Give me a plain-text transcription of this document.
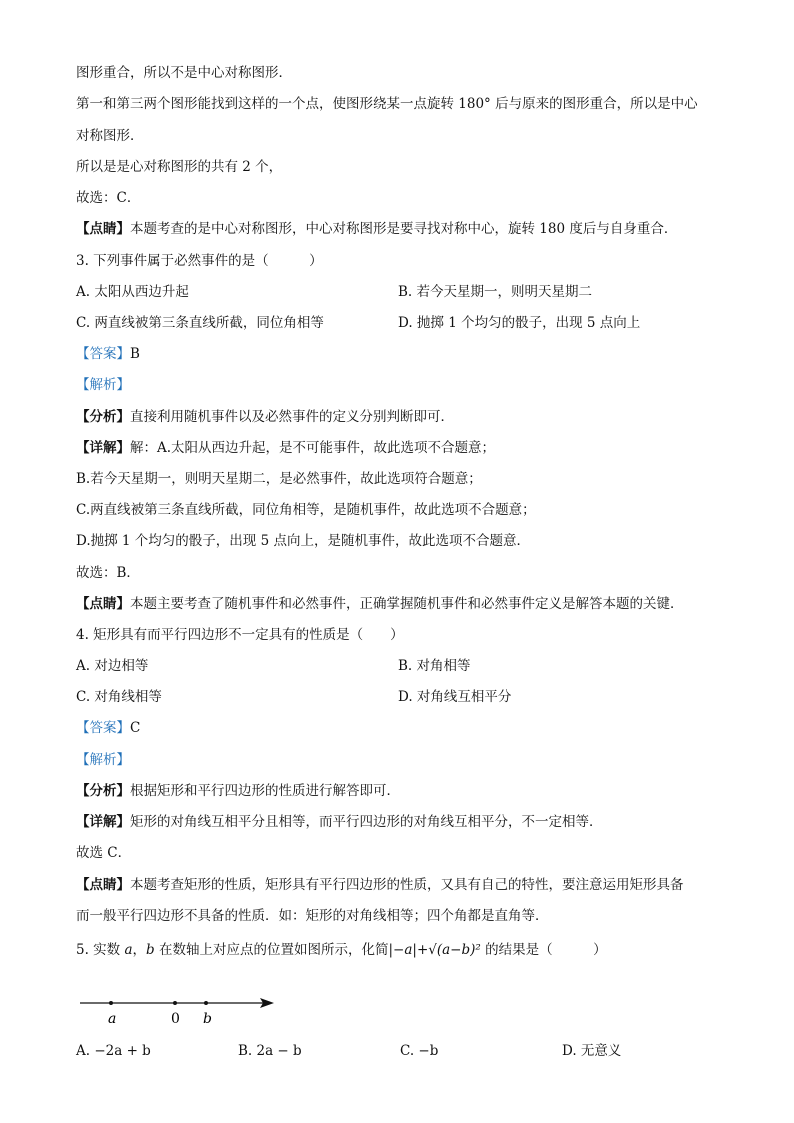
图形重合，所以不是中心对称图形．
第一和第三两个图形能找到这样的一个点，使图形绕某一点旋转 180° 后与原来的图形重合，所以是中心
对称图形．
所以是是心对称图形的共有 2 个，
故选：C．
【点睛】本题考查的是中心对称图形，中心对称图形是要寻找对称中心，旋转 180 度后与自身重合．
3. 下列事件属于必然事件的是（　　　）
A. 太阳从西边升起	B. 若今天星期一，则明天星期二
C. 两直线被第三条直线所截，同位角相等	D. 抛掷 1 个均匀的骰子，出现 5 点向上
【答案】B
【解析】
【分析】直接利用随机事件以及必然事件的定义分别判断即可．
【详解】解：A.太阳从西边升起，是不可能事件，故此选项不合题意；
B.若今天星期一，则明天星期二，是必然事件，故此选项符合题意；
C.两直线被第三条直线所截，同位角相等，是随机事件，故此选项不合题意；
D.抛掷 1 个均匀的骰子，出现 5 点向上，是随机事件，故此选项不合题意．
故选：B．
【点睛】本题主要考查了随机事件和必然事件，正确掌握随机事件和必然事件定义是解答本题的关键．
4. 矩形具有而平行四边形不一定具有的性质是（　　）
A. 对边相等	B. 对角相等
C. 对角线相等	D. 对角线互相平分
【答案】C
【解析】
【分析】根据矩形和平行四边形的性质进行解答即可．
【详解】矩形的对角线互相平分且相等，而平行四边形的对角线互相平分，不一定相等．
故选 C．
【点睛】本题考查矩形的性质，矩形具有平行四边形的性质，又具有自己的特性，要注意运用矩形具备
而一般平行四边形不具备的性质．如：矩形的对角线相等；四个角都是直角等．
5. 实数 a，b 在数轴上对应点的位置如图所示，化简|−a|+√(a−b)² 的结果是（　　　）
a	0 b
A. −2a + b	B. 2a − b	C. −b	D. 无意义
